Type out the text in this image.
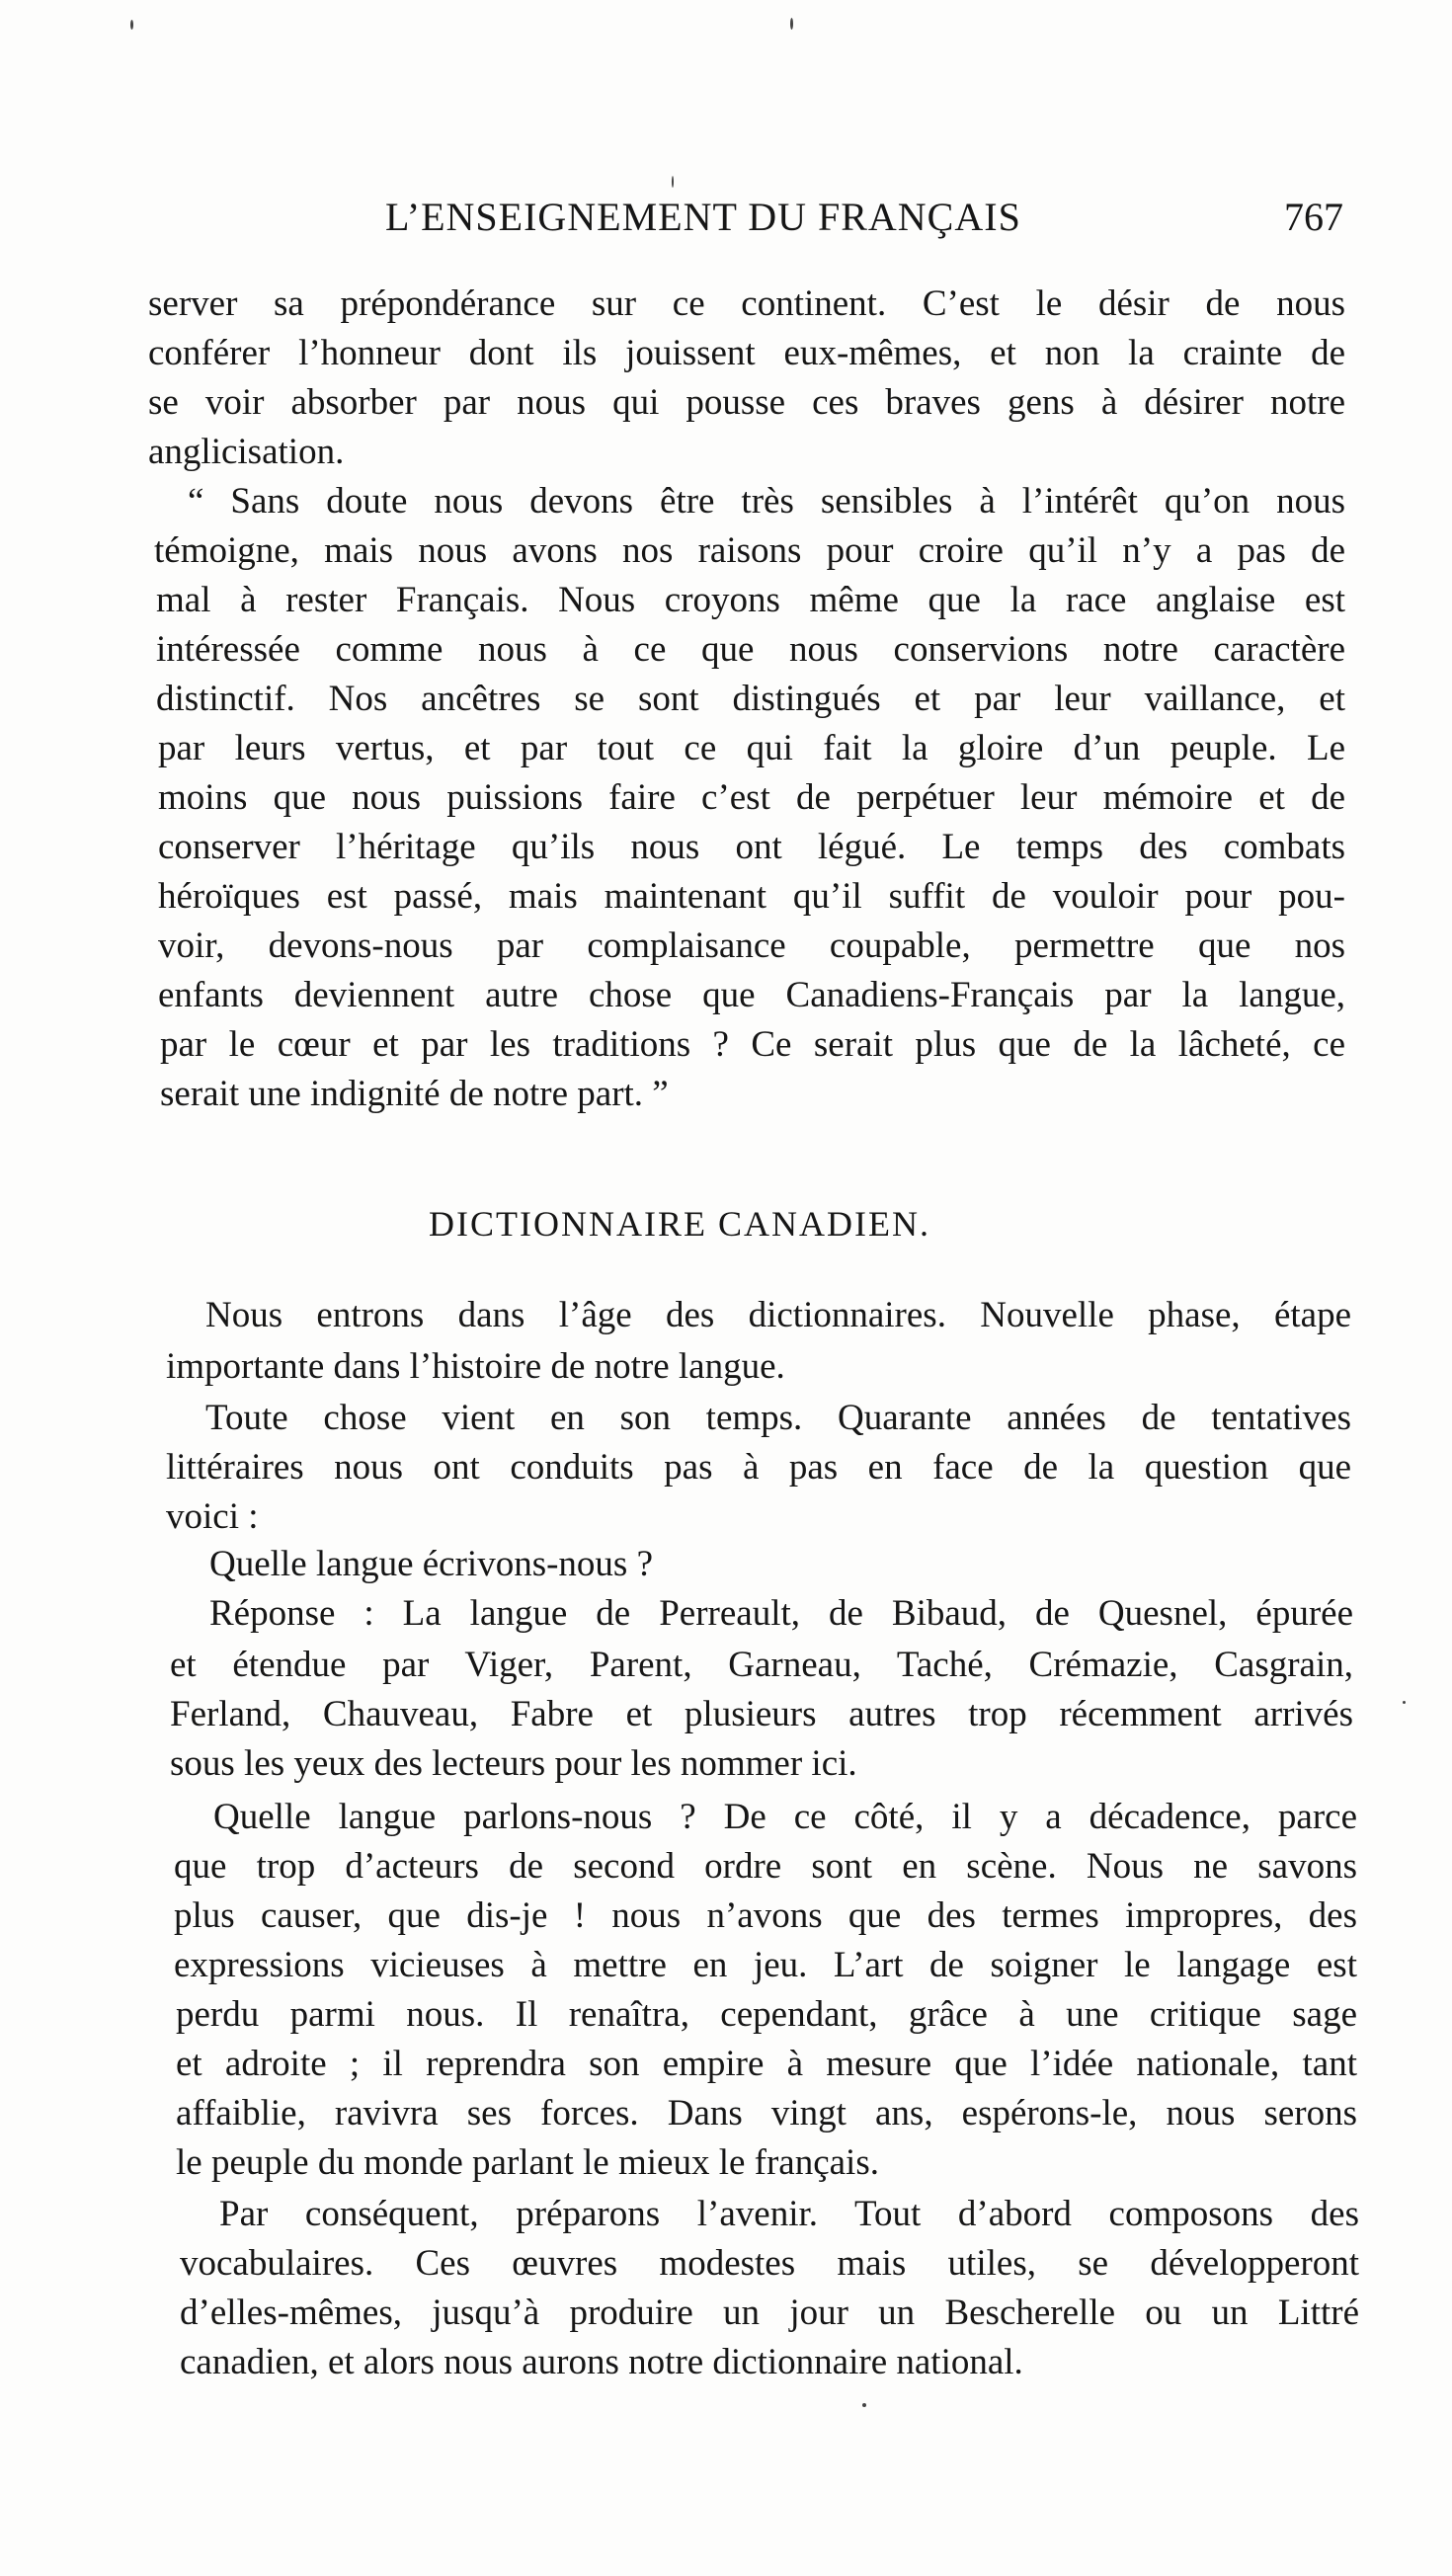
L’ENSEIGNEMENT DU FRANÇAIS	767
server sa prépondérance sur ce continent. C’est le désir de nous
conférer l’honneur dont ils jouissent eux-mêmes, et non la crainte de
se voir absorber par nous qui pousse ces braves gens à désirer notre
anglicisation.
“ Sans doute nous devons être très sensibles à l’intérêt qu’on nous
témoigne, mais nous avons nos raisons pour croire qu’il n’y a pas de
mal à rester Français. Nous croyons même que la race anglaise est
intéressée comme nous à ce que nous conservions notre caractère
distinctif. Nos ancêtres se sont distingués et par leur vaillance, et
par leurs vertus, et par tout ce qui fait la gloire d’un peuple. Le
moins que nous puissions faire c’est de perpétuer leur mémoire et de
conserver l’héritage qu’ils nous ont légué. Le temps des combats
héroïques est passé, mais maintenant qu’il suffit de vouloir pour pou-
voir, devons-nous par complaisance coupable, permettre que nos
enfants deviennent autre chose que Canadiens-Français par la langue,
par le cœur et par les traditions ? Ce serait plus que de la lâcheté, ce
serait une indignité de notre part. ”
DICTIONNAIRE CANADIEN.
Nous entrons dans l’âge des dictionnaires. Nouvelle phase, étape
importante dans l’histoire de notre langue.
Toute chose vient en son temps. Quarante années de tentatives
littéraires nous ont conduits pas à pas en face de la question que
voici :
Quelle langue écrivons-nous ?
Réponse : La langue de Perreault, de Bibaud, de Quesnel, épurée
et étendue par Viger, Parent, Garneau, Taché, Crémazie, Casgrain,
Ferland, Chauveau, Fabre et plusieurs autres trop récemment arrivés
sous les yeux des lecteurs pour les nommer ici.
Quelle langue parlons-nous ? De ce côté, il y a décadence, parce
que trop d’acteurs de second ordre sont en scène. Nous ne savons
plus causer, que dis-je ! nous n’avons que des termes impropres, des
expressions vicieuses à mettre en jeu. L’art de soigner le langage est
perdu parmi nous. Il renaîtra, cependant, grâce à une critique sage
et adroite ; il reprendra son empire à mesure que l’idée nationale, tant
affaiblie, ravivra ses forces. Dans vingt ans, espérons-le, nous serons
le peuple du monde parlant le mieux le français.
Par conséquent, préparons l’avenir. Tout d’abord composons des
vocabulaires. Ces œuvres modestes mais utiles, se développeront
d’elles-mêmes, jusqu’à produire un jour un Bescherelle ou un Littré
canadien, et alors nous aurons notre dictionnaire national.
